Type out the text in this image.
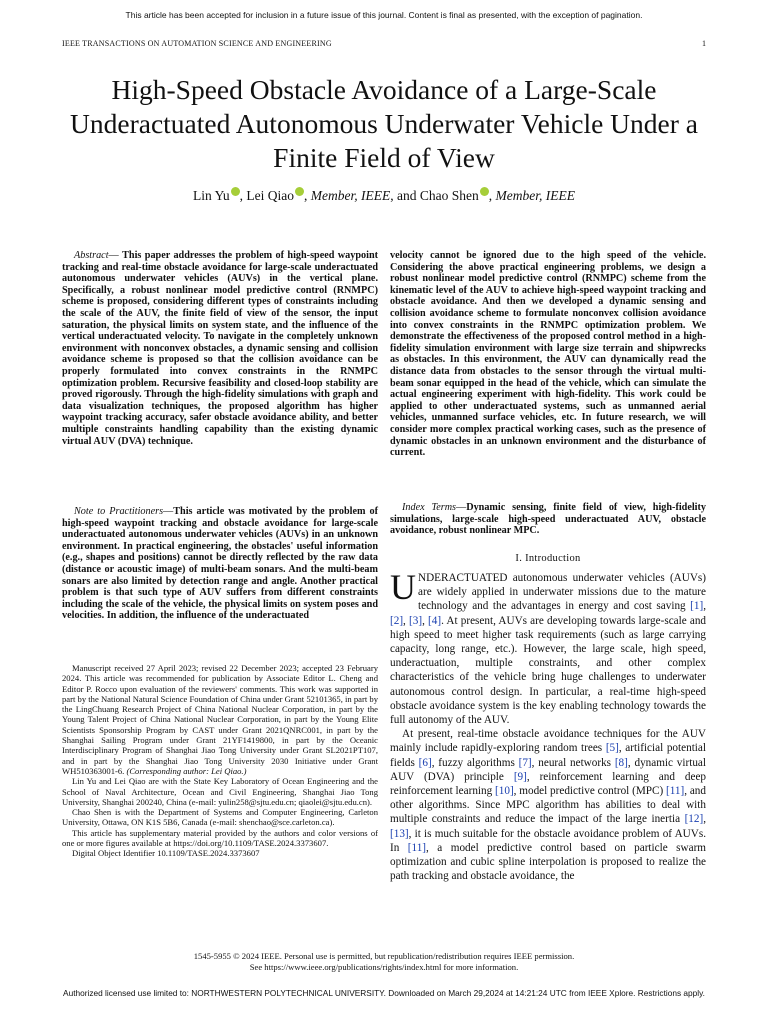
This article has been accepted for inclusion in a future issue of this journal. Content is final as presented, with the exception of pagination.
IEEE TRANSACTIONS ON AUTOMATION SCIENCE AND ENGINEERING	1
High-Speed Obstacle Avoidance of a Large-Scale Underactuated Autonomous Underwater Vehicle Under a Finite Field of View
Lin Yu , Lei Qiao , Member, IEEE, and Chao Shen , Member, IEEE

Abstract— This paper addresses the problem of high-speed waypoint tracking and real-time obstacle avoidance for large-scale underactuated autonomous underwater vehicles (AUVs) in the vertical plane. Specifically, a robust nonlinear model predictive control (RNMPC) scheme is proposed, considering different types of constraints including the scale of the AUV, the finite field of view of the sensor, the input saturation, the physical limits on system state, and the influence of the vertical underactuated velocity. To navigate in the completely unknown environment with nonconvex obstacles, a dynamic sensing and collision avoidance scheme is proposed so that the collision avoidance can be properly formulated into convex constraints in the RNMPC optimization problem. Recursive feasibility and closed-loop stability are proved rigorously. Through the high-fidelity simulations with graph and data visualization techniques, the proposed algorithm has higher waypoint tracking accuracy, safer obstacle avoidance ability, and better multiple constraints handling capability than the existing dynamic virtual AUV (DVA) technique.

Note to Practitioners—This article was motivated by the problem of high-speed waypoint tracking and obstacle avoidance for large-scale underactuated autonomous underwater vehicles (AUVs) in an unknown environment. In practical engineering, the obstacles' useful information (e.g., shapes and positions) cannot be directly reflected by the raw data (distance or acoustic image) of multi-beam sonars. And the multi-beam sonars are also limited by detection range and angle. Another practical problem is that such type of AUV suffers from different constraints including the scale of the vehicle, the physical limits on system poses and velocities. In addition, the influence of the underactuated

Manuscript received 27 April 2023; revised 22 December 2023; accepted 23 February 2024. This article was recommended for publication by Associate Editor L. Cheng and Editor P. Rocco upon evaluation of the reviewers' comments. This work was supported in part by the National Natural Science Foundation of China under Grant 52101365, in part by the LingChuang Research Project of China National Nuclear Corporation, in part by the Young Talent Project of China National Nuclear Corporation, in part by the Young Elite Scientists Sponsorship Program by CAST under Grant 2021QNRC001, in part by the Shanghai Sailing Program under Grant 21YF1419800, in part by the Oceanic Interdisciplinary Program of Shanghai Jiao Tong University under Grant SL2021PT107, and in part by the Shanghai Jiao Tong University 2030 Initiative under Grant WH510363001-6. (Corresponding author: Lei Qiao.)

Lin Yu and Lei Qiao are with the State Key Laboratory of Ocean Engineering and the School of Naval Architecture, Ocean and Civil Engineering, Shanghai Jiao Tong University, Shanghai 200240, China (e-mail: yulin258@sjtu.edu.cn; qiaolei@sjtu.edu.cn).

Chao Shen is with the Department of Systems and Computer Engineering, Carleton University, Ottawa, ON K1S 5B6, Canada (e-mail: shenchao@sce.carleton.ca).

This article has supplementary material provided by the authors and color versions of one or more figures available at https://doi.org/10.1109/TASE.2024.3373607.

Digital Object Identifier 10.1109/TASE.2024.3373607

velocity cannot be ignored due to the high speed of the vehicle. Considering the above practical engineering problems, we design a robust nonlinear model predictive control (RNMPC) scheme from the kinematic level of the AUV to achieve high-speed waypoint tracking and obstacle avoidance. And then we developed a dynamic sensing and collision avoidance scheme to formulate nonconvex collision avoidance into convex constraints in the RNMPC optimization problem. We demonstrate the effectiveness of the proposed control method in a high-fidelity simulation environment with large size terrain and shipwrecks as obstacles. In this environment, the AUV can dynamically read the distance data from obstacles to the sensor through the virtual multi-beam sonar equipped in the head of the vehicle, which can simulate the actual engineering experiment with high-fidelity. This work could be applied to other underactuated systems, such as unmanned aerial vehicles, unmanned surface vehicles, etc. In future research, we will consider more complex practical working cases, such as the presence of dynamic obstacles in an unknown environment and the disturbance of current.

Index Terms—Dynamic sensing, finite field of view, high-fidelity simulations, large-scale high-speed underactuated AUV, obstacle avoidance, robust nonlinear MPC.

I. Introduction

UNDERACTUATED autonomous underwater vehicles (AUVs) are widely applied in underwater missions due to the mature technology and the advantages in energy and cost saving [1], [2], [3], [4]. At present, AUVs are developing towards large-scale and high speed to meet higher task requirements (such as large carrying capacity, long range, etc.). However, the large scale, high speed, underactuation, multiple constraints, and other complex characteristics of the vehicle bring huge challenges to underwater autonomous control design. In particular, a real-time high-speed obstacle avoidance system is the key enabling technology towards the full autonomy of the AUV.

At present, real-time obstacle avoidance techniques for the AUV mainly include rapidly-exploring random trees [5], artificial potential fields [6], fuzzy algorithms [7], neural networks [8], dynamic virtual AUV (DVA) principle [9], reinforcement learning and deep reinforcement learning [10], model predictive control (MPC) [11], and other algorithms. Since MPC algorithm has abilities to deal with multiple constraints and reduce the impact of the large inertia [12], [13], it is much suitable for the obstacle avoidance problem of AUVs. In [11], a model predictive control based on particle swarm optimization and cubic spline interpolation is proposed to realize the path tracking and obstacle avoidance, the

1545-5955 © 2024 IEEE. Personal use is permitted, but republication/redistribution requires IEEE permission.
See https://www.ieee.org/publications/rights/index.html for more information.
Authorized licensed use limited to: NORTHWESTERN POLYTECHNICAL UNIVERSITY. Downloaded on March 29,2024 at 14:21:24 UTC from IEEE Xplore. Restrictions apply.
